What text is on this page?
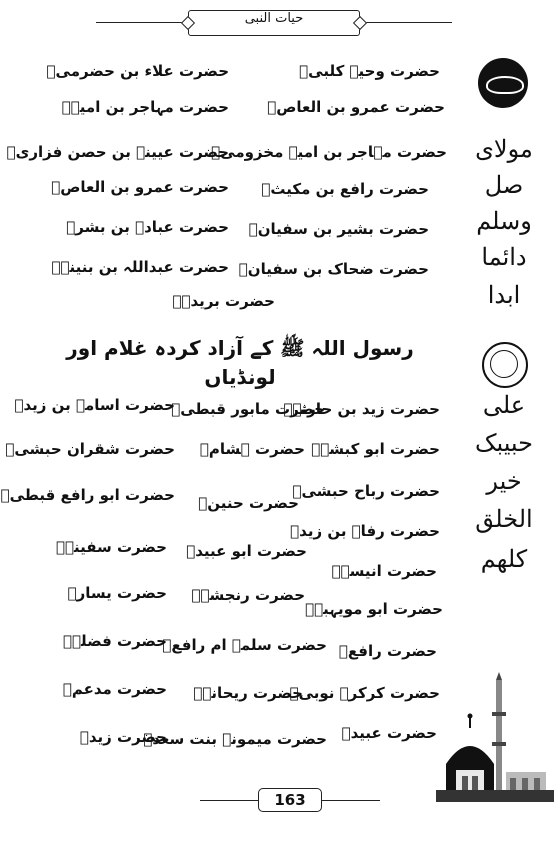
حیات النبی
حضرت وحیہ کلبیؓ
حضرت عمرو بن العاصؓ
حضرت مہاجر بن امیہ مخزومیؓ
حضرت رافع بن مکیثؓ
حضرت بشیر بن سفیانؓ
حضرت ضحاک بن سفیانؓ
حضرت علاء بن حضرمیؓ
حضرت مہاجر بن امیہؓ
حضرت عیینہ بن حصن فزاریؓ
حضرت عمرو بن العاصؓ
حضرت عبادہ بن بشرؓ
حضرت عبداللہ بن بنینہؓ
حضرت بریدہؓ
رسول اللہ ﷺ کے آزاد کردہ غلام اور لونڈیاں
حضرت زید بن حارثہؓ
حضرت ابو کبشہؓ
حضرت رباح حبشیؓ
حضرت رفاہ بن زیدؓ
حضرت انیسہؓ
حضرت ابو مویہبہؓ
حضرت رافعؓ
حضرت کرکرہ نوبیؓ
حضرت عبیدؓ
حضرت مابور قبطیؓ
حضرت ہشامؓ
حضرت حنینؓ
حضرت ابو عبیدؓ
حضرت رنجشہؓ
حضرت سلمہ ام رافعؓ
حضرت ریحانہؓ
حضرت میمونہ بنت سعدؓ
حضرت اسامہ بن زیدؓ
حضرت شقران حبشیؓ
حضرت ابو رافع قبطیؓ
حضرت سفینہؓ
حضرت یسارؓ
حضرت فضلہؓ
حضرت مدعمؓ
حضرت زیدؓ
مولای
صل
وسلم
دائما
ابدا
علی
حبیبک
خیر
الخلق
کلھم
163
